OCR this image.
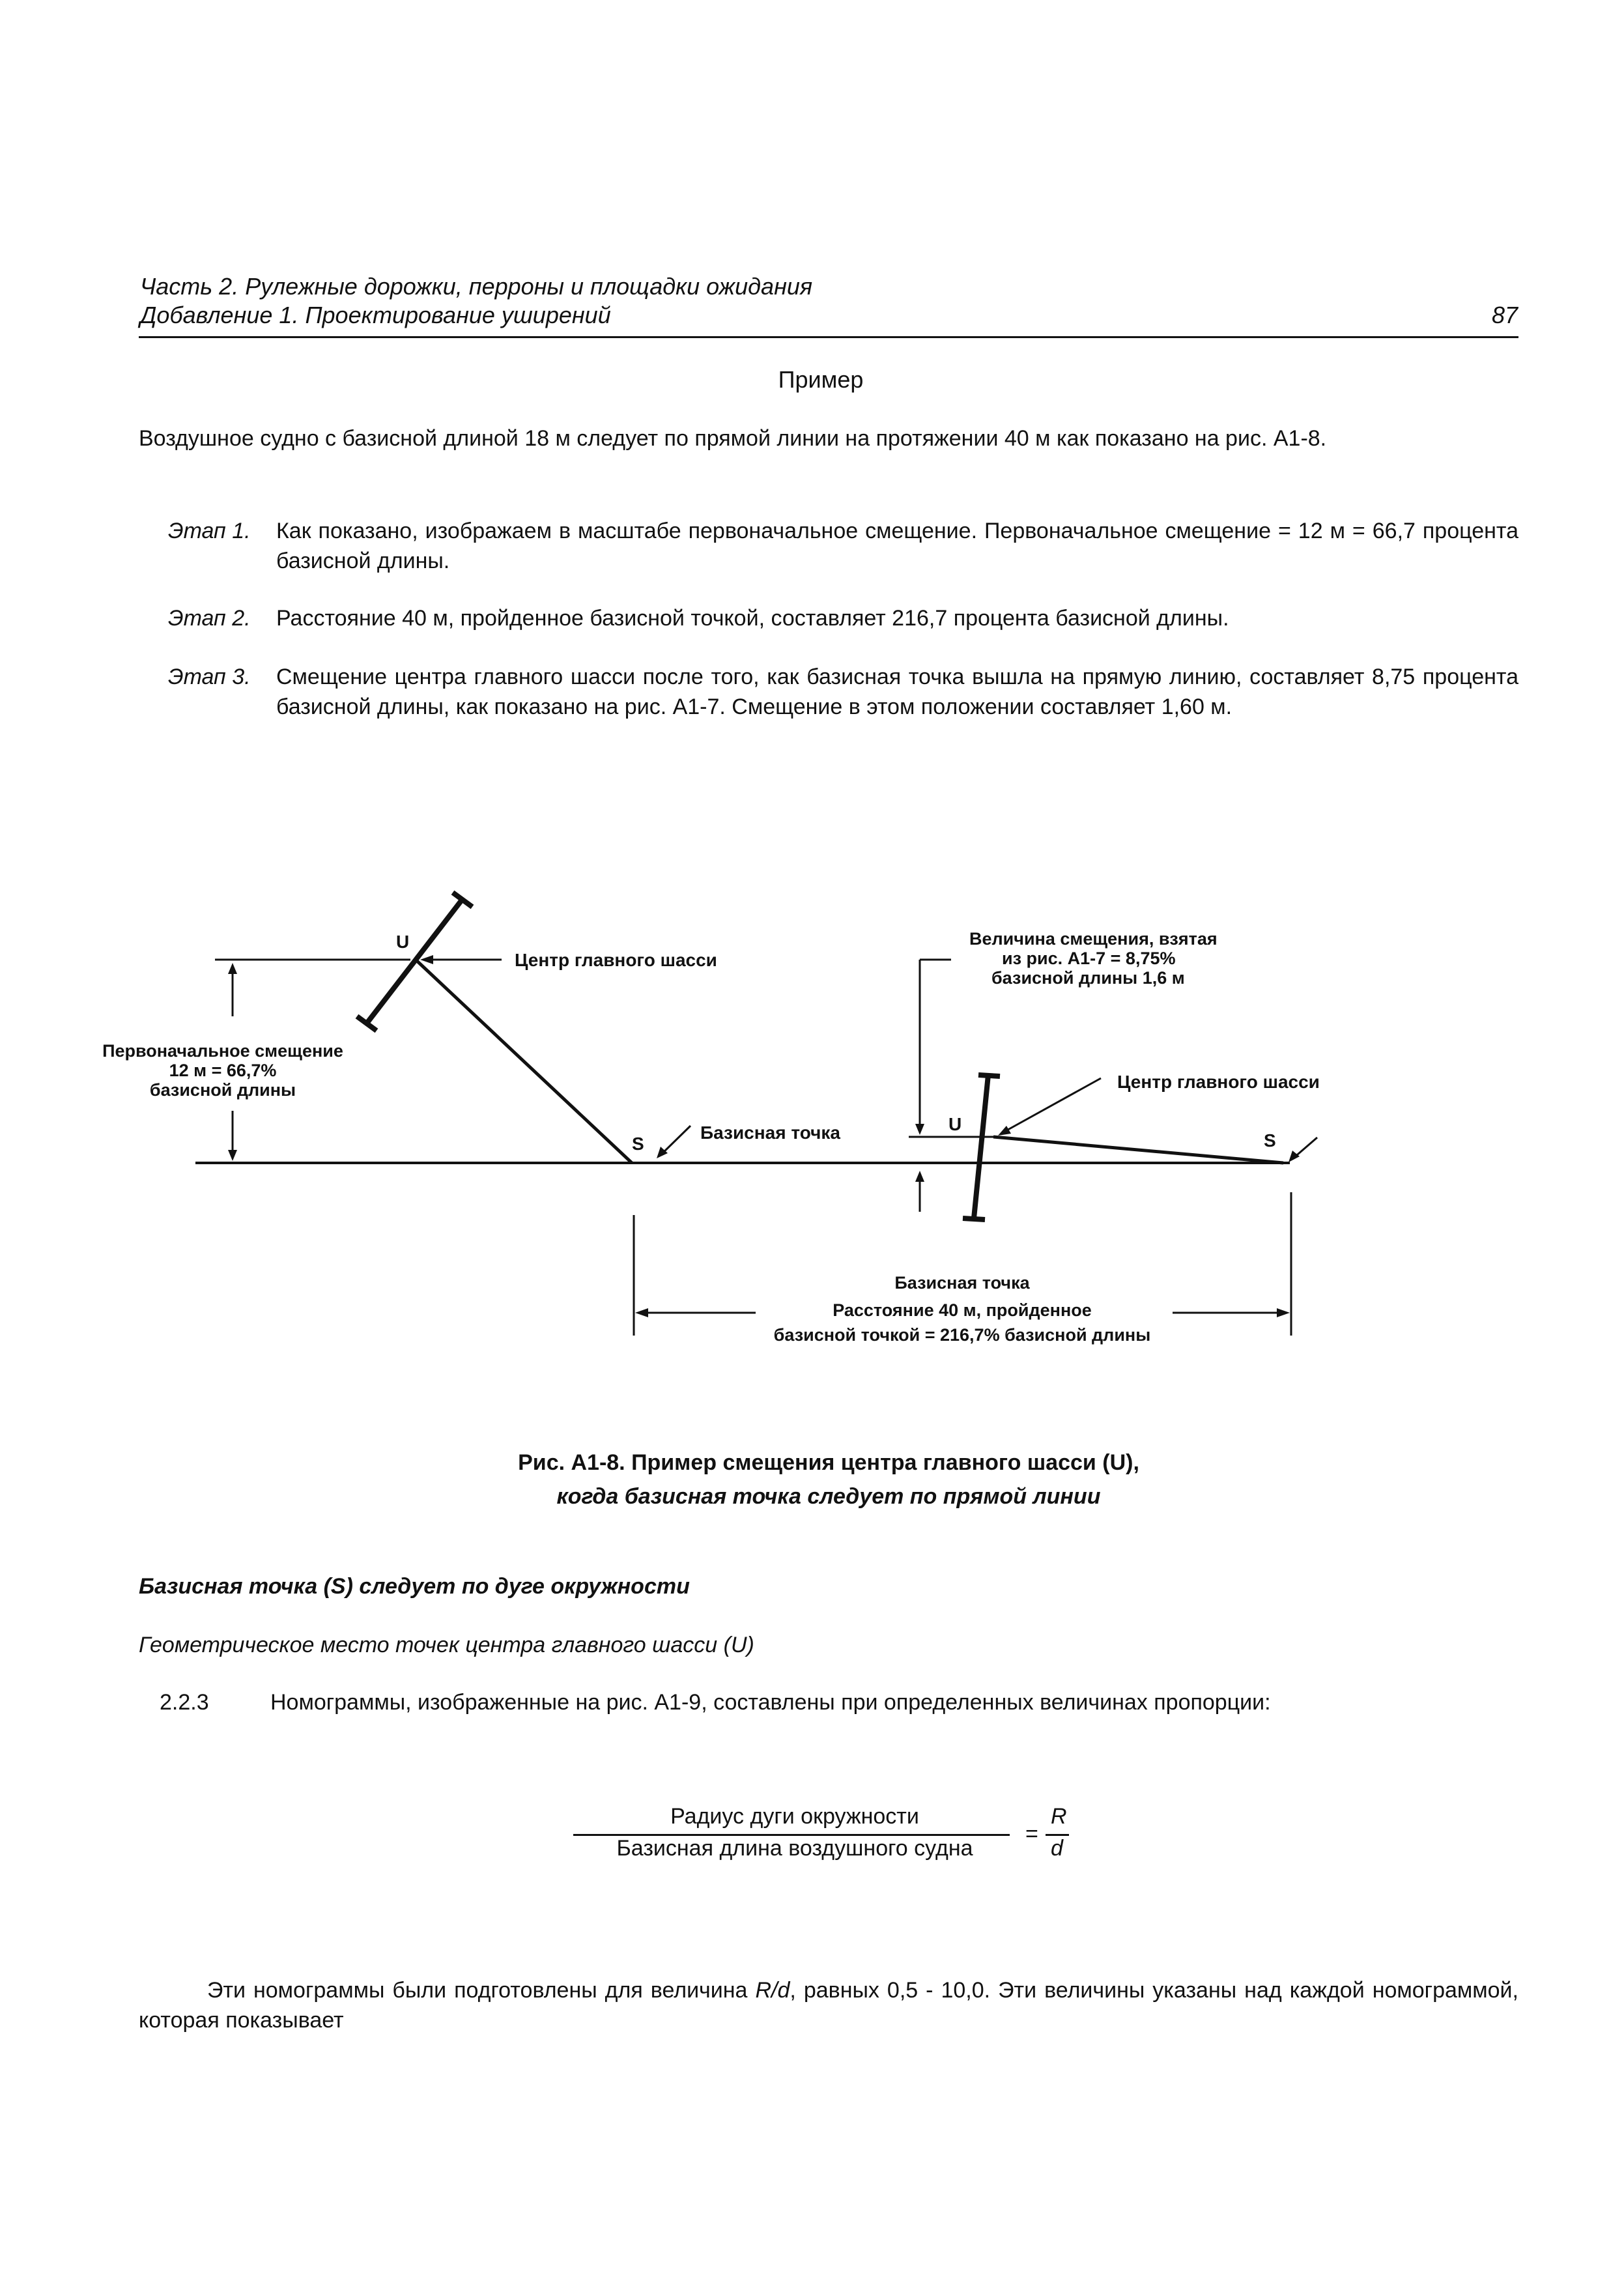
Часть 2. Рулежные дорожки, перроны и площадки ожидания
Добавление 1. Проектирование уширений	87
Пример
Воздушное судно с базисной длиной 18 м следует по прямой линии на протяжении 40 м как показано на рис. A1-8.
Этап 1. Как показано, изображаем в масштабе первоначальное смещение. Первоначальное смещение = 12 м = 66,7 процента базисной длины.
Этап 2. Расстояние 40 м, пройденное базисной точкой, составляет 216,7 процента базисной длины.
Этап 3. Смещение центра главного шасси после того, как базисная точка вышла на прямую линию, составляет 8,75 процента базисной длины, как показано на рис. A1-7. Смещение в этом положении составляет 1,60 м.
Первоначальное смещение
12 м = 66,7%
базисной длины
U
Центр главного шасси
S
Базисная точка
Величина смещения, взятая
из рис. A1-7 = 8,75%
базисной длины 1,6 м
U
Центр главного шасси
S
Базисная точка
Расстояние 40 м, пройденное
базисной точкой = 216,7% базисной длины
Рис. A1-8. Пример смещения центра главного шасси (U),
когда базисная точка следует по прямой линии
Базисная точка (S) следует по дуге окружности
Геометрическое место точек центра главного шасси (U)
2.2.3	Номограммы, изображенные на рис. A1-9, составлены при определенных величинах пропорции:
Радиус дуги окружности
Базисная длина воздушного судна
=
R
d
Эти номограммы были подготовлены для величина R/d, равных 0,5 - 10,0. Эти величины указаны над каждой номограммой, которая показывает
